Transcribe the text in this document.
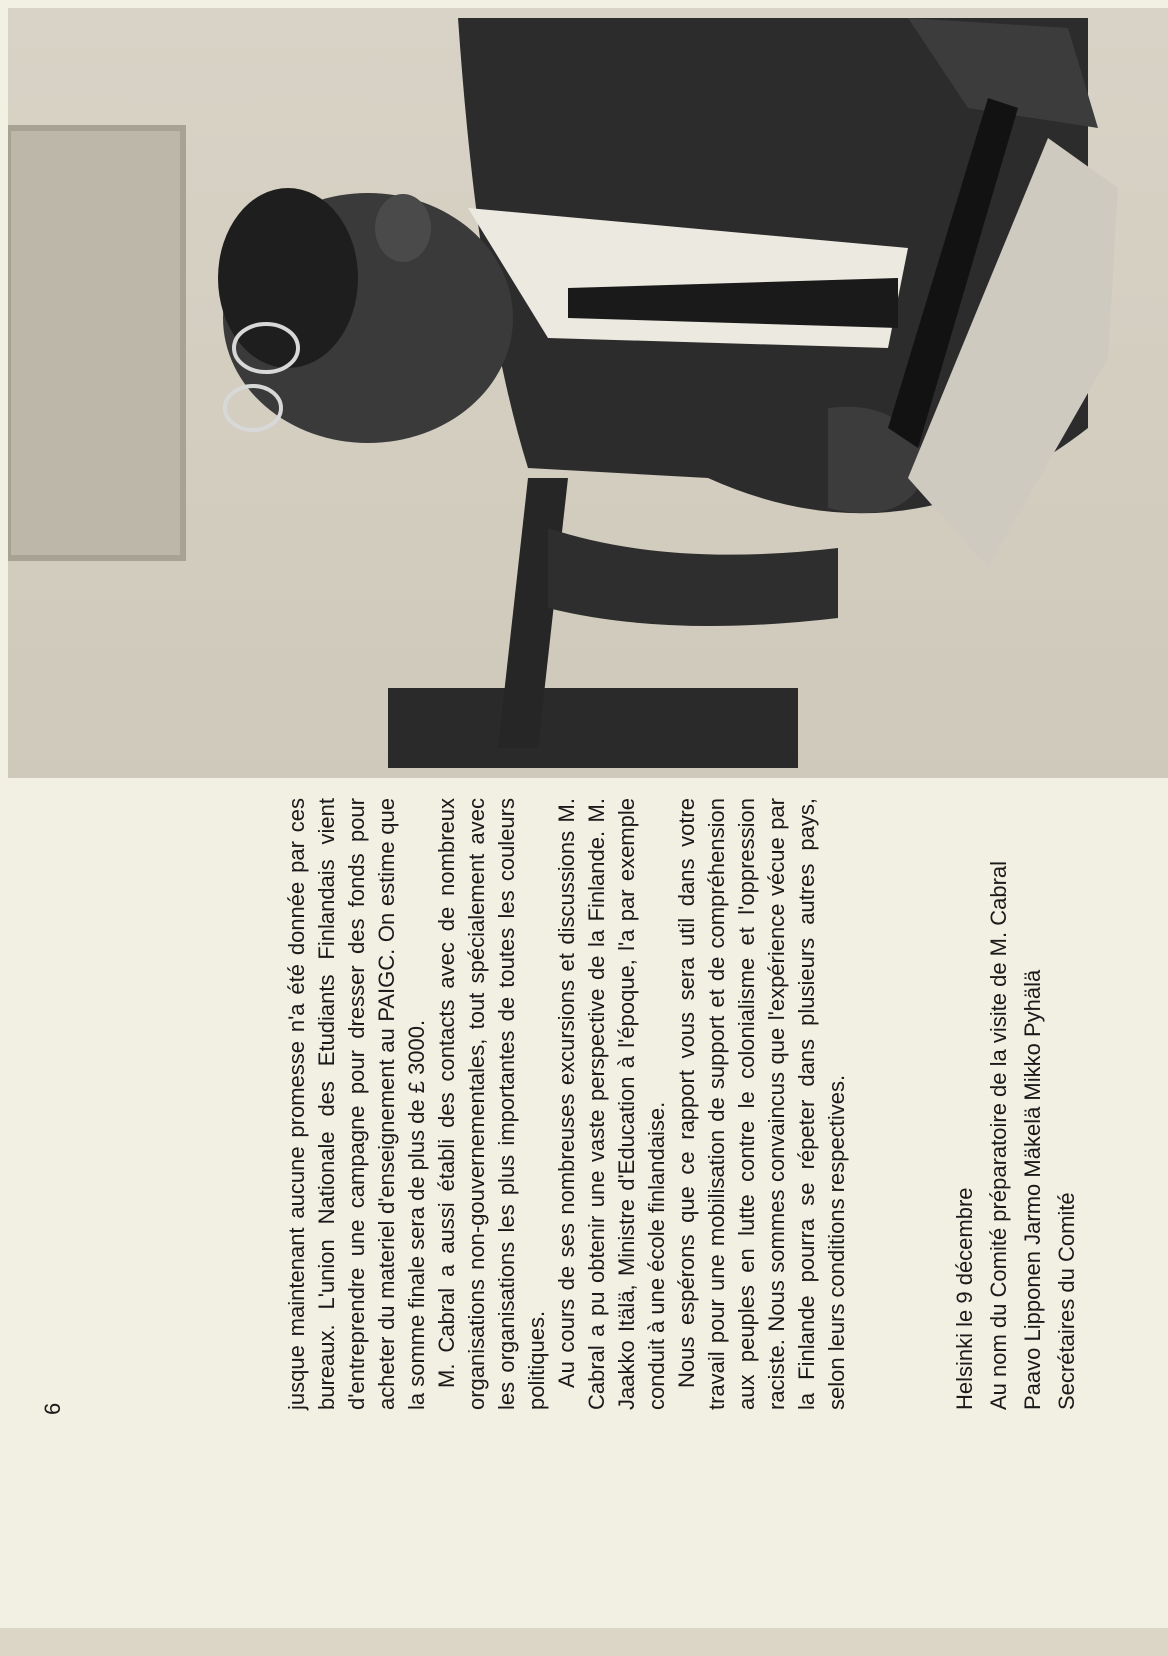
6	jusque maintenant aucune promesse n'a été donnée par ces bureaux. L'union Nationale des Etudiants Finlandais vient d'entreprendre une campagne pour dresser des fonds pour acheter du materiel d'enseignement au PAIGC. On estime que la somme finale sera de plus de £ 3000. M. Cabral a aussi établi des contacts avec de nombreux organisations non-gouvernementales, tout spécialement avec les organisations les plus importantes de toutes les couleurs politiques. Au cours de ses nombreuses excursions et discussions M. Cabral a pu obtenir une vaste perspective de la Finlande. M. Jaakko Itälä, Ministre d'Education à l'époque, l'a par exemple conduit à une école finlandaise. Nous espérons que ce rapport vous sera util dans votre travail pour une mobilisation de support et de compréhension aux peuples en lutte contre le colonialisme et l'oppression raciste. Nous sommes convaincus que l'expérience vécue par la Finlande pourra se répeter dans plusieurs autres pays, selon leurs conditions respectives.	Helsinki le 9 décembre Au nom du Comité préparatoire de la visite de M. Cabral Paavo Lipponen Jarmo Mäkelä Mikko Pyhälä
Secrétaires du Comité
